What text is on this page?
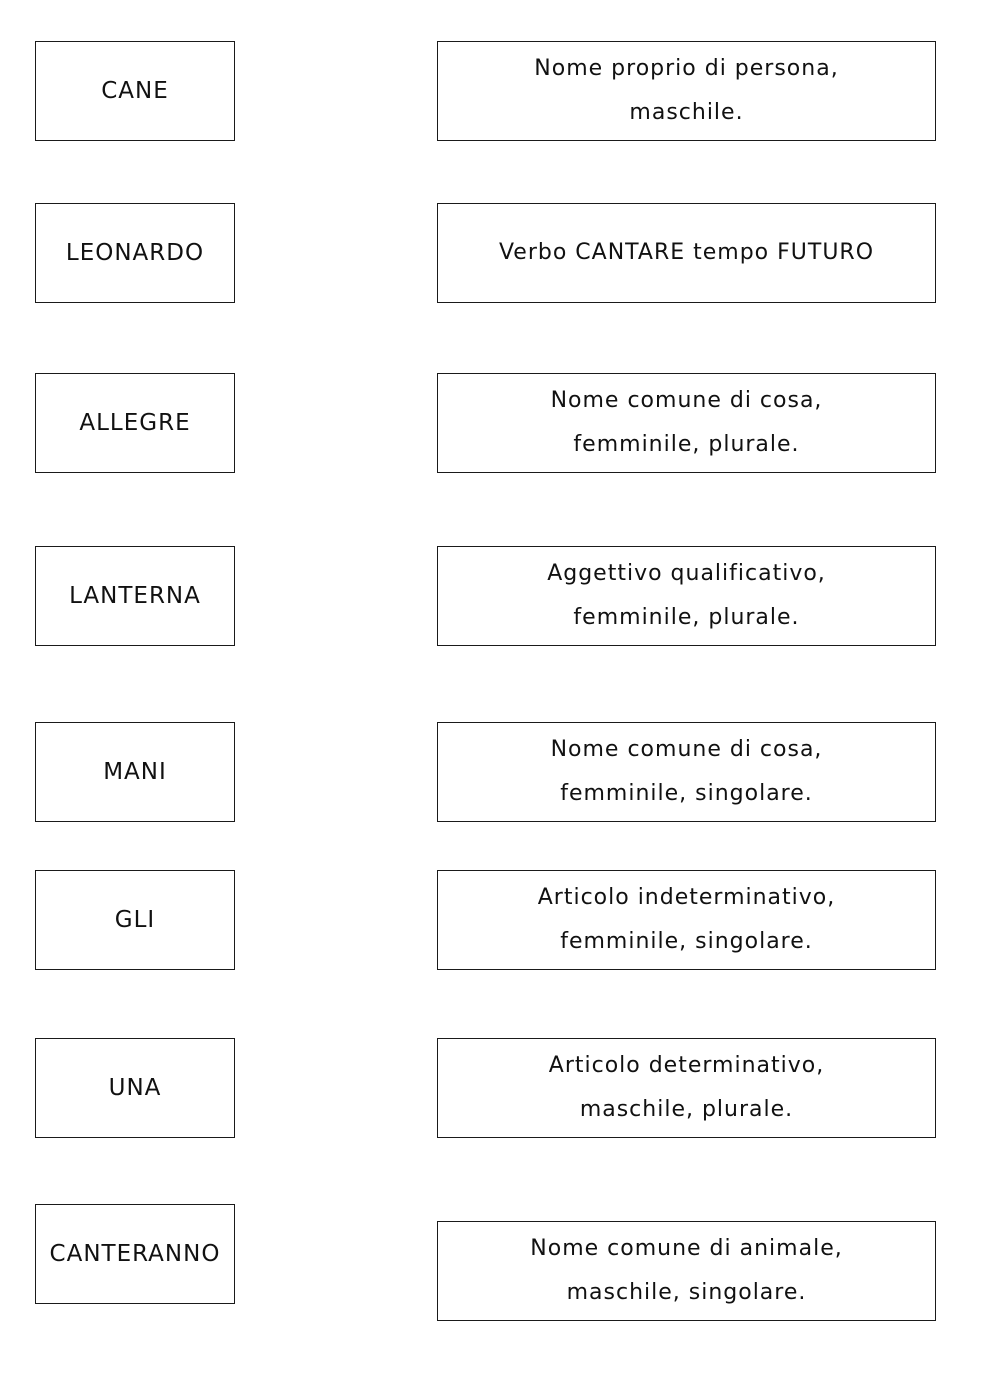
CANE
LEONARDO
ALLEGRE
LANTERNA
MANI
GLI
UNA
CANTERANNO
Nome proprio di persona,
maschile.
Verbo CANTARE tempo FUTURO
Nome comune di cosa,
femminile, plurale.
Aggettivo qualificativo,
femminile, plurale.
Nome comune di cosa,
femminile, singolare.
Articolo indeterminativo,
femminile, singolare.
Articolo determinativo,
maschile, plurale.
Nome comune di animale,
maschile, singolare.
